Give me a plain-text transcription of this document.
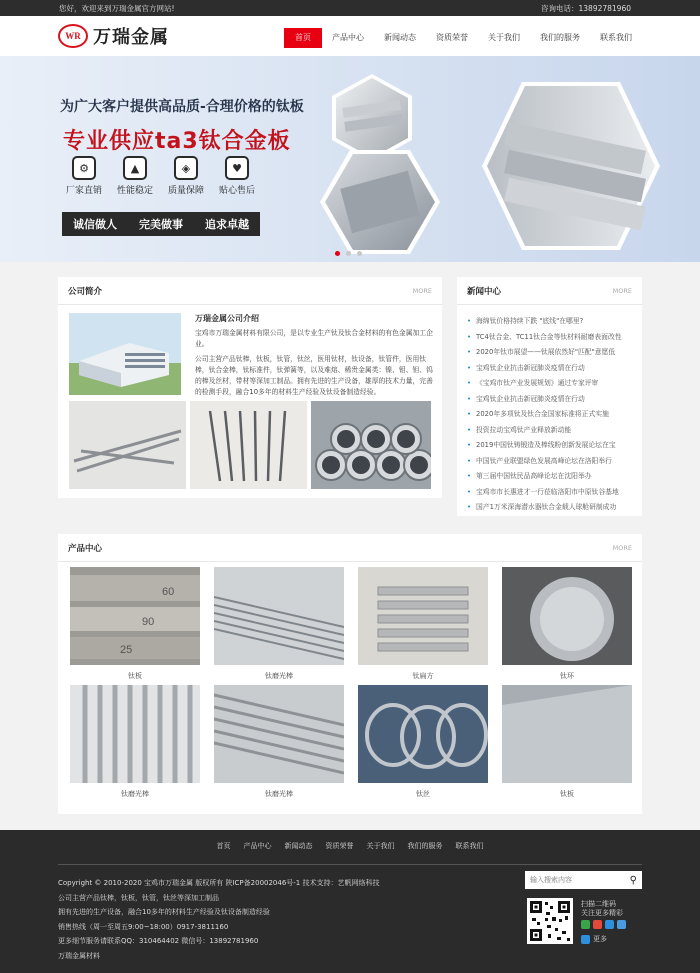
您好，欢迎来到万瑞金属官方网站!	咨询电话：13892781960
WR 万瑞金属	首页	产品中心	新闻动态	资质荣誉	关于我们	我们的服务	联系我们
为广大客户提供高品质-合理价格的钛板
专业供应ta3钛合金板
⚙
厂家直销
▲
性能稳定
◈
质量保障
♥
贴心售后
诚信做人 完美做事 追求卓越
公司简介	MORE
万瑞金属公司介绍

宝鸡市万瑞金属材料有限公司，是以专业生产钛及钛合金材料的有色金属加工企业。

公司主营产品钛棒，钛板，钛管，钛丝，医用钛材，钛设备，钛管件，医用钛棒，钛合金棒，钛标准件，钛弹簧等，以及难熔、稀贵金属类：镍、钼、钽、钨的棒及丝材，带材等深加工制品。拥有先进的生产设备，雄厚的技术力量，完善的检测手段，融合10多年的材料生产经验及钛设备制造经验。

新闻中心	MORE
• 海绵钛价格持续下跌 "底线"在哪里?
• TC4钛合金、TC11钛合金等钛材料耐磨表面改性
• 2020年钛市展望——钛展依然好"匹配"意愿低
• 宝鸡钛企业抗击新冠肺炎疫情在行动
• 《宝鸡市钛产业发展规划》通过专家评审
• 宝鸡钛企业抗击新冠肺炎疫情在行动
• 2020年多项钛及钛合金国家标准将正式实施
• 投资拉动宝鸡钛产业释放新动能
• 2019中国钛铸锻造及棒线粉创新发展论坛在宝
• 中国钛产业联盟绿色发展高峰论坛在洛阳举行
• 第三届中国钛民品高峰论坛在沈阳举办
• 宝鸡市市长惠进才一行莅临洛阳市中原钛谷基地
• 国产1万米深海潜水器钛合金载人球舱研制成功
产品中心	MORE
60
90
25
钛板	钛磨光棒	钛扁方	钛环
钛磨光棒	钛磨光棒	钛丝	钛板
首页 产品中心 新闻动态 资质荣誉 关于我们 我们的服务 联系我们
Copyright © 2010-2020 宝鸡市万瑞金属 版权所有 陕ICP备20002046号-1 技术支持：艺帆网络科技
公司主营产品钛棒，钛板，钛管，钛丝等深加工制品
拥有先进的生产设备，融合10多年的材料生产经验及钛设备制造经验
销售热线（周一至周五9:00~18:00）0917-3811160
更多细节服务请联系QQ：310464402 微信号：13892781960
万瑞金属材料
输入搜索内容
⚲
扫描二维码
关注更多精彩
更多
